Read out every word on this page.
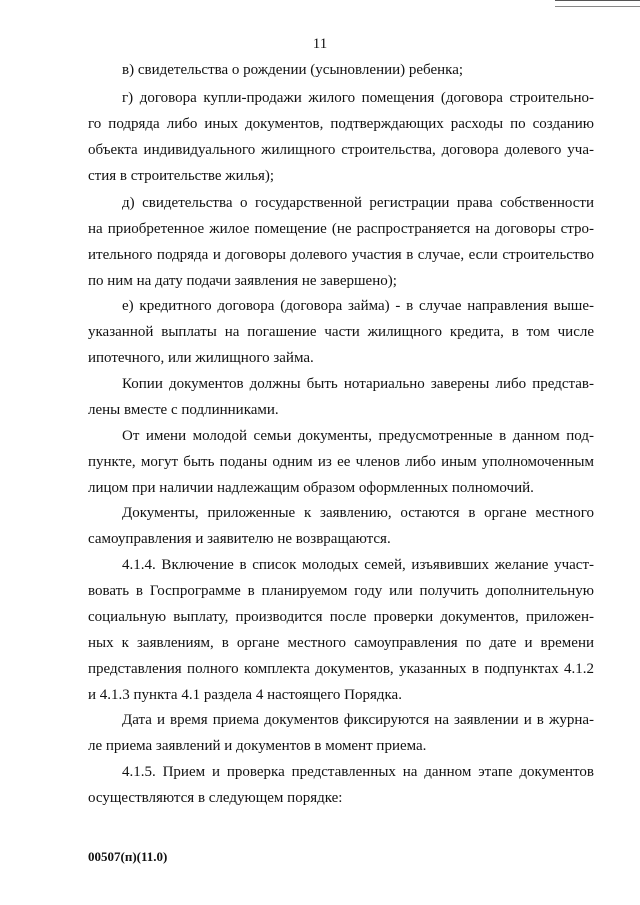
11
в) свидетельства о рождении (усыновлении) ребенка;
г) договора купли-продажи жилого помещения (договора строительно-
го подряда либо иных документов, подтверждающих расходы по созданию
объекта индивидуального жилищного строительства, договора долевого уча-
стия в строительстве жилья);
д) свидетельства о государственной регистрации права собственности
на приобретенное жилое помещение (не распространяется на договоры стро-
ительного подряда и договоры долевого участия в случае, если строительство
по ним на дату подачи заявления не завершено);
е) кредитного договора (договора займа) - в случае направления выше-
указанной выплаты на погашение части жилищного кредита, в том числе
ипотечного, или жилищного займа.
Копии документов должны быть нотариально заверены либо представ-
лены вместе с подлинниками.
От имени молодой семьи документы, предусмотренные в данном под-
пункте, могут быть поданы одним из ее членов либо иным уполномоченным
лицом при наличии надлежащим образом оформленных полномочий.
Документы, приложенные к заявлению, остаются в органе местного
самоуправления и заявителю не возвращаются.
4.1.4. Включение в список молодых семей, изъявивших желание участ-
вовать в Госпрограмме в планируемом году или получить дополнительную
социальную выплату, производится после проверки документов, приложен-
ных к заявлениям, в органе местного самоуправления по дате и времени
представления полного комплекта документов, указанных в подпунктах 4.1.2
и 4.1.3 пункта 4.1 раздела 4 настоящего Порядка.
Дата и время приема документов фиксируются на заявлении и в журна-
ле приема заявлений и документов в момент приема.
4.1.5. Прием и проверка представленных на данном этапе документов
осуществляются в следующем порядке:
00507(п)(11.0)
